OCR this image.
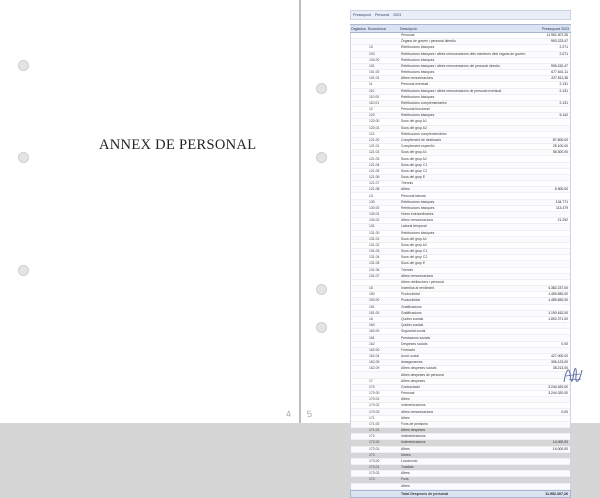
ANNEX DE PERSONAL
4
Pressupost	Personal	2023
Orgànica Econòmica	Descripció	Pressupost 2023
Personal	11.952.307,26
Òrgans de govern i personal directiu	993.223,47
10	Retribucions bàsiques	2.071
100	Retribucions bàsiques i altres remuneracions dels membres dels òrgans de govern	2.071
100.00	Retribucions bàsiques
101	Retribucions bàsiques i altres remuneracions del personal directiu	905.152,47
101.00	Retribucions bàsiques	677.641,11
101.01	Altres remuneracions	227.511,36
11	Personal eventual	2.131
110	Retribucions bàsiques i altres remuneracions de personal eventual	2.131
110.00	Retribucions bàsiques
110.01	Retribucions complementàries	2.131
12	Personal funcionari
120	Retribucions bàsiques	5.142
120.00	Sous del grup A1
120.01	Sous del grup A2
121	Retribucions complementàries
121.00	Complement de destinació	87.500,00
121.01	Complement específic	25.100,00
121.02	Sous del grup A1	56.300,00
121.03	Sous del grup A2
121.04	Sous del grup C1
121.05	Sous del grup C2
121.06	Sous del grup E
121.07	Triennis
121.08	Altres	5.300,00
13	Personal laboral
130	Retribucions bàsiques	134.771
130.00	Retribucions bàsiques	113.479
130.01	Hores extraordinàries
130.02	Altres remuneracions	21.292
131	Laboral temporal
131.00	Retribucions bàsiques
131.01	Sous del grup A1
131.02	Sous del grup A2
131.03	Sous del grup C1
131.04	Sous del grup C2
131.05	Sous del grup E
131.06	Triennis
131.07	Altres remuneracions
Altres retribucions i personal
15	Incentius al rendiment	4.382.237,00
150	Productivitat	1.459.650,00
150.00	Productivitat	1.459.650,00
151	Gratificacions
151.00	Gratificacions	1.190.162,00
16	Quotes socials	1.892.371,00
160	Quotes socials
160.00	Seguretat social
161	Prestacions socials
162	Despeses socials	0,00
162.00	Formació
162.04	Acció social	427.000,00
162.05	Assegurances	306.123,00
162.09	Altres despeses socials	38.213,00
Altres despeses de personal
17	Altres despeses
170	Contractació	3.244.320,00
170.00	Personal	3.244.320,00
170.01	Altres
170.02	Indemnitzacions
170.03	Altres remuneracions	0,00
171	Altres
171.00	Fons de pensions
171.01	Altres despeses
172	Indemnitzacions
172.00	Indemnitzacions	14.000,00
172.01	Altres	14.000,00
173	Dietes
173.00	Locomoció
173.01	Trasllats
173.02	Altres
174	Fons
Altres
Total Despeses de personal	11.952.307,26
5
